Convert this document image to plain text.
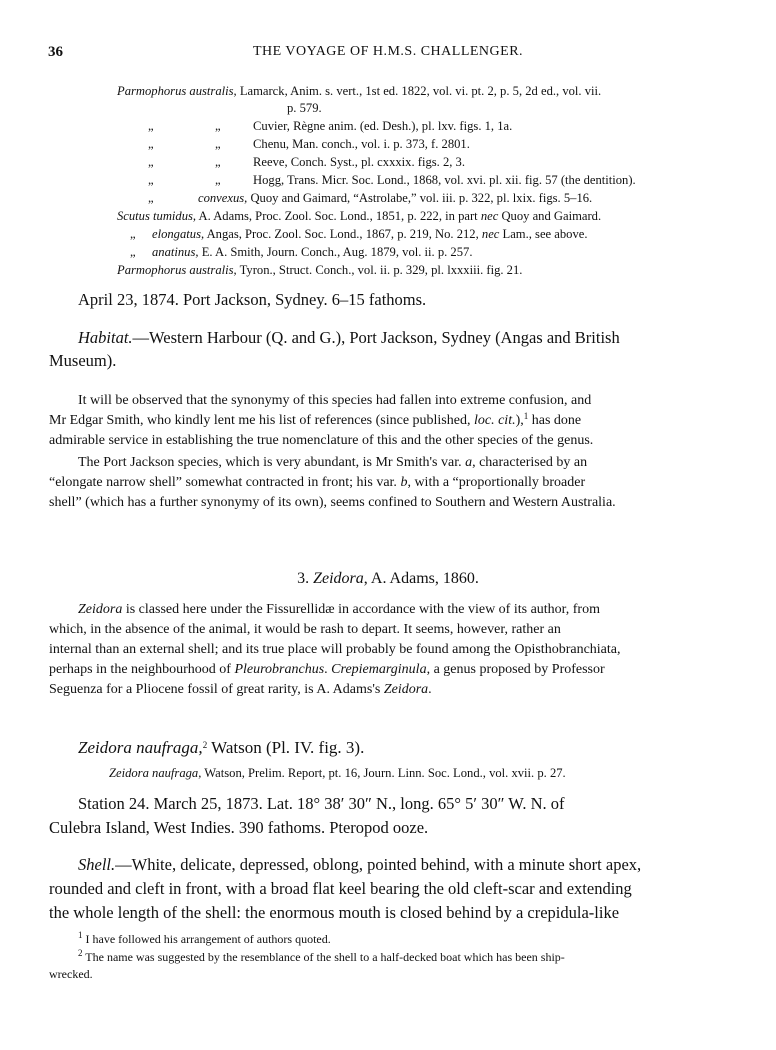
36	THE VOYAGE OF H.M.S. CHALLENGER.
Parmophorus australis, Lamarck, Anim. s. vert., 1st ed. 1822, vol. vi. pt. 2, p. 5, 2d ed., vol. vii.
p. 579.
„	„	Cuvier, Règne anim. (ed. Desh.), pl. lxv. figs. 1, 1a.
„	„	Chenu, Man. conch., vol. i. p. 373, f. 2801.
„	„	Reeve, Conch. Syst., pl. cxxxix. figs. 2, 3.
„	„	Hogg, Trans. Micr. Soc. Lond., 1868, vol. xvi. pl. xii. fig. 57 (the dentition).
„	convexus, Quoy and Gaimard, “Astrolabe,” vol. iii. p. 322, pl. lxix. figs. 5–16.
Scutus tumidus, A. Adams, Proc. Zool. Soc. Lond., 1851, p. 222, in part nec Quoy and Gaimard.
„ elongatus, Angas, Proc. Zool. Soc. Lond., 1867, p. 219, No. 212, nec Lam., see above.
„ anatinus, E. A. Smith, Journ. Conch., Aug. 1879, vol. ii. p. 257.
Parmophorus australis, Tyron., Struct. Conch., vol. ii. p. 329, pl. lxxxiii. fig. 21.
April 23, 1874. Port Jackson, Sydney. 6–15 fathoms.
Habitat.—Western Harbour (Q. and G.), Port Jackson, Sydney (Angas and British
Museum).
It will be observed that the synonymy of this species had fallen into extreme confusion, and
Mr Edgar Smith, who kindly lent me his list of references (since published, loc. cit.),$^1$ has done
admirable service in establishing the true nomenclature of this and the other species of the genus.
The Port Jackson species, which is very abundant, is Mr Smith's var. a, characterised by an
“elongate narrow shell” somewhat contracted in front; his var. b, with a “proportionally broader
shell” (which has a further synonymy of its own), seems confined to Southern and Western Australia.
3. Zeidora, A. Adams, 1860.
Zeidora is classed here under the Fissurellidæ in accordance with the view of its author, from
which, in the absence of the animal, it would be rash to depart. It seems, however, rather an
internal than an external shell; and its true place will probably be found among the Opisthobranchiata,
perhaps in the neighbourhood of Pleurobranchus. Crepiemarginula, a genus proposed by Professor
Seguenza for a Pliocene fossil of great rarity, is A. Adams's Zeidora.
Zeidora naufraga,$^2$ Watson (Pl. IV. fig. 3).
Zeidora naufraga, Watson, Prelim. Report, pt. 16, Journ. Linn. Soc. Lond., vol. xvii. p. 27.
Station 24. March 25, 1873. Lat. 18° 38′ 30″ N., long. 65° 5′ 30″ W. N. of
Culebra Island, West Indies. 390 fathoms. Pteropod ooze.
Shell.—White, delicate, depressed, oblong, pointed behind, with a minute short apex,
rounded and cleft in front, with a broad flat keel bearing the old cleft-scar and extending
the whole length of the shell: the enormous mouth is closed behind by a crepidula-like
$^1$ I have followed his arrangement of authors quoted.
$^2$ The name was suggested by the resemblance of the shell to a half-decked boat which has been ship-
wrecked.
